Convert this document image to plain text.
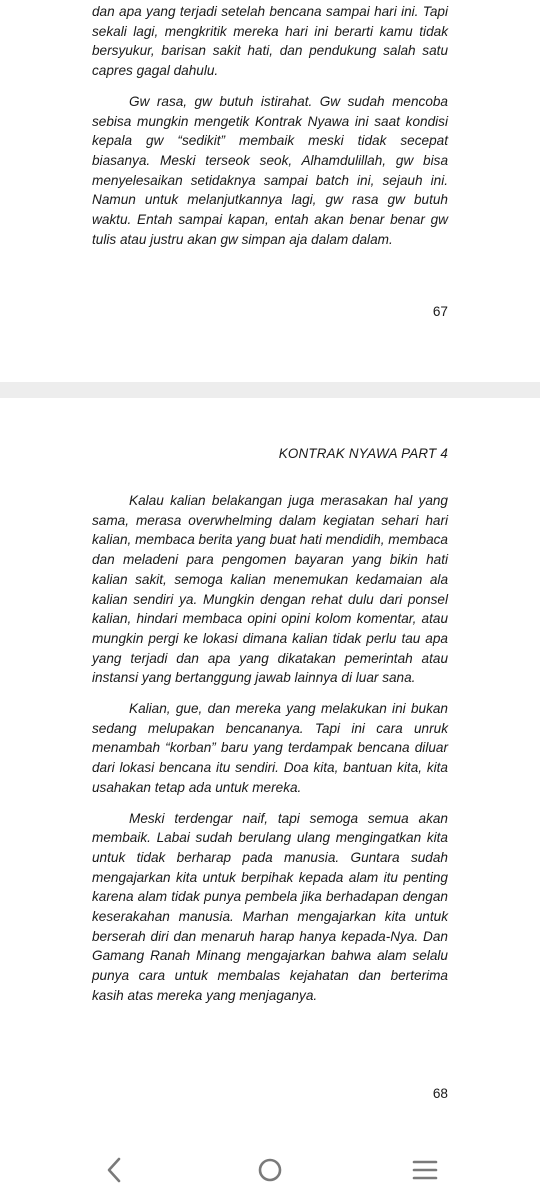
dan apa yang terjadi setelah bencana sampai hari ini. Tapi sekali lagi, mengkritik mereka hari ini berarti kamu tidak bersyukur, barisan sakit hati, dan pendukung salah satu capres gagal dahulu.

Gw rasa, gw butuh istirahat. Gw sudah mencoba sebisa mungkin mengetik Kontrak Nyawa ini saat kondisi kepala gw “sedikit” membaik meski tidak secepat biasanya. Meski terseok seok, Alhamdulillah, gw bisa menyelesaikan setidaknya sampai batch ini, sejauh ini. Namun untuk melanjutkannya lagi, gw rasa gw butuh waktu. Entah sampai kapan, entah akan benar benar gw tulis atau justru akan gw simpan aja dalam dalam.

67
KONTRAK NYAWA PART 4

Kalau kalian belakangan juga merasakan hal yang sama, merasa overwhelming dalam kegiatan sehari hari kalian, membaca berita yang buat hati mendidih, membaca dan meladeni para pengomen bayaran yang bikin hati kalian sakit, semoga kalian menemukan kedamaian ala kalian sendiri ya. Mungkin dengan rehat dulu dari ponsel kalian, hindari membaca opini opini kolom komentar, atau mungkin pergi ke lokasi dimana kalian tidak perlu tau apa yang terjadi dan apa yang dikatakan pemerintah atau instansi yang bertanggung jawab lainnya di luar sana.

Kalian, gue, dan mereka yang melakukan ini bukan sedang melupakan bencananya. Tapi ini cara unruk menambah “korban” baru yang terdampak bencana diluar dari lokasi bencana itu sendiri. Doa kita, bantuan kita, kita usahakan tetap ada untuk mereka.

Meski terdengar naif, tapi semoga semua akan membaik. Labai sudah berulang ulang mengingatkan kita untuk tidak berharap pada manusia. Guntara sudah mengajarkan kita untuk berpihak kepada alam itu penting karena alam tidak punya pembela jika berhadapan dengan keserakahan manusia. Marhan mengajarkan kita untuk berserah diri dan menaruh harap hanya kepada-Nya. Dan Gamang Ranah Minang mengajarkan bahwa alam selalu punya cara untuk membalas kejahatan dan berterima kasih atas mereka yang menjaganya.

68
